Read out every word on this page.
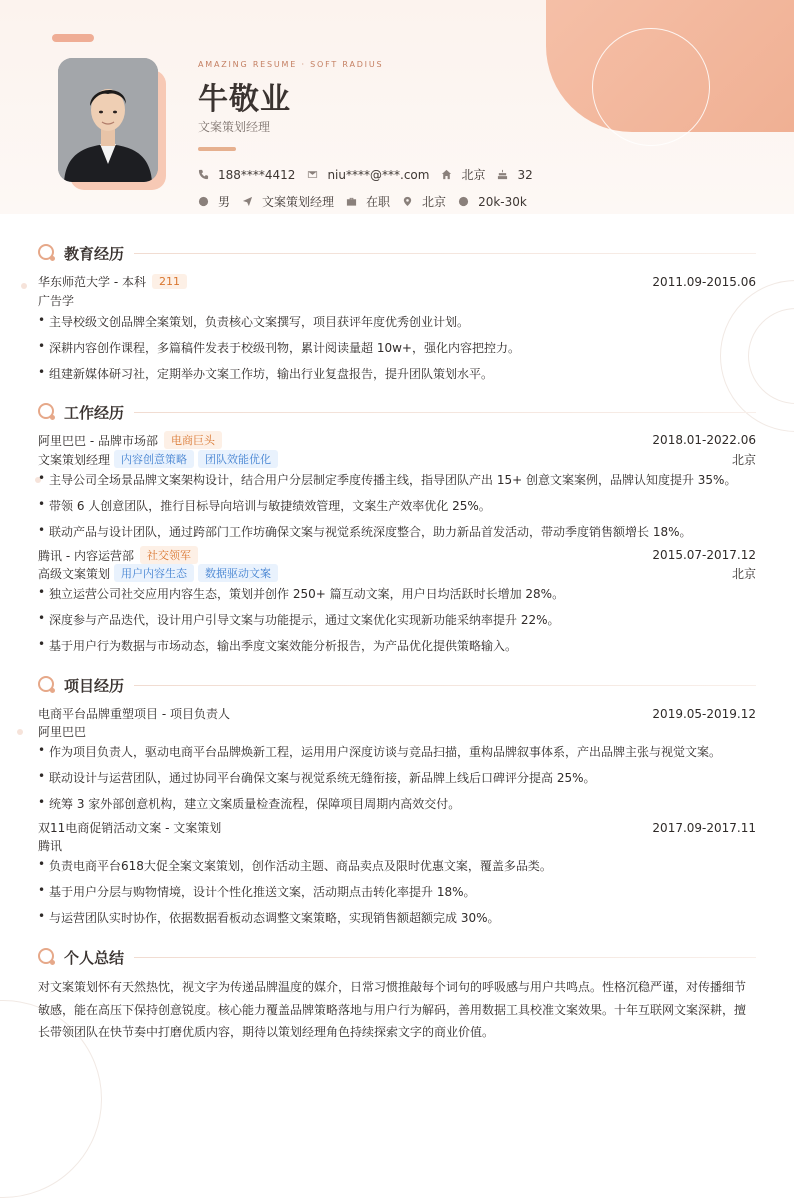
AMAZING RESUME · SOFT RADIUS
牛敬业
文案策划经理
188****4412	niu****@***.com	北京	32
男	文案策划经理	在职	北京	20k-30k
教育经历
华东师范大学 - 本科	211	2011.09-2015.06
广告学
• 主导校级文创品牌全案策划，负责核心文案撰写，项目获评年度优秀创业计划。
• 深耕内容创作课程，多篇稿件发表于校级刊物，累计阅读量超 10w+，强化内容把控力。
• 组建新媒体研习社，定期举办文案工作坊，输出行业复盘报告，提升团队策划水平。
工作经历
阿里巴巴 - 品牌市场部	电商巨头	2018.01-2022.06
文案策划经理	内容创意策略	团队效能优化	北京
• 主导公司全场景品牌文案架构设计，结合用户分层制定季度传播主线，指导团队产出 15+ 创意文案案例，品牌认知度提升 35%。
• 带领 6 人创意团队，推行目标导向培训与敏捷绩效管理，文案生产效率优化 25%。
• 联动产品与设计团队，通过跨部门工作坊确保文案与视觉系统深度整合，助力新品首发活动，带动季度销售额增长 18%。
腾讯 - 内容运营部	社交领军	2015.07-2017.12
高级文案策划	用户内容生态	数据驱动文案	北京
• 独立运营公司社交应用内容生态，策划并创作 250+ 篇互动文案，用户日均活跃时长增加 28%。
• 深度参与产品迭代，设计用户引导文案与功能提示，通过文案优化实现新功能采纳率提升 22%。
• 基于用户行为数据与市场动态，输出季度文案效能分析报告，为产品优化提供策略输入。
项目经历
电商平台品牌重塑项目 - 项目负责人	2019.05-2019.12
阿里巴巴
• 作为项目负责人，驱动电商平台品牌焕新工程，运用用户深度访谈与竞品扫描，重构品牌叙事体系，产出品牌主张与视觉文案。
• 联动设计与运营团队，通过协同平台确保文案与视觉系统无缝衔接，新品牌上线后口碑评分提高 25%。
• 统筹 3 家外部创意机构，建立文案质量检查流程，保障项目周期内高效交付。
双11电商促销活动文案 - 文案策划	2017.09-2017.11
腾讯
• 负责电商平台618大促全案文案策划，创作活动主题、商品卖点及限时优惠文案，覆盖多品类。
• 基于用户分层与购物情境，设计个性化推送文案，活动期点击转化率提升 18%。
• 与运营团队实时协作，依据数据看板动态调整文案策略，实现销售额超额完成 30%。
个人总结
对文案策划怀有天然热忱，视文字为传递品牌温度的媒介，日常习惯推敲每个词句的呼吸感与用户共鸣点。性格沉稳严谨，对传播细节敏感，能在高压下保持创意锐度。核心能力覆盖品牌策略落地与用户行为解码，善用数据工具校准文案效果。十年互联网文案深耕，擅长带领团队在快节奏中打磨优质内容，期待以策划经理角色持续探索文字的商业价值。
